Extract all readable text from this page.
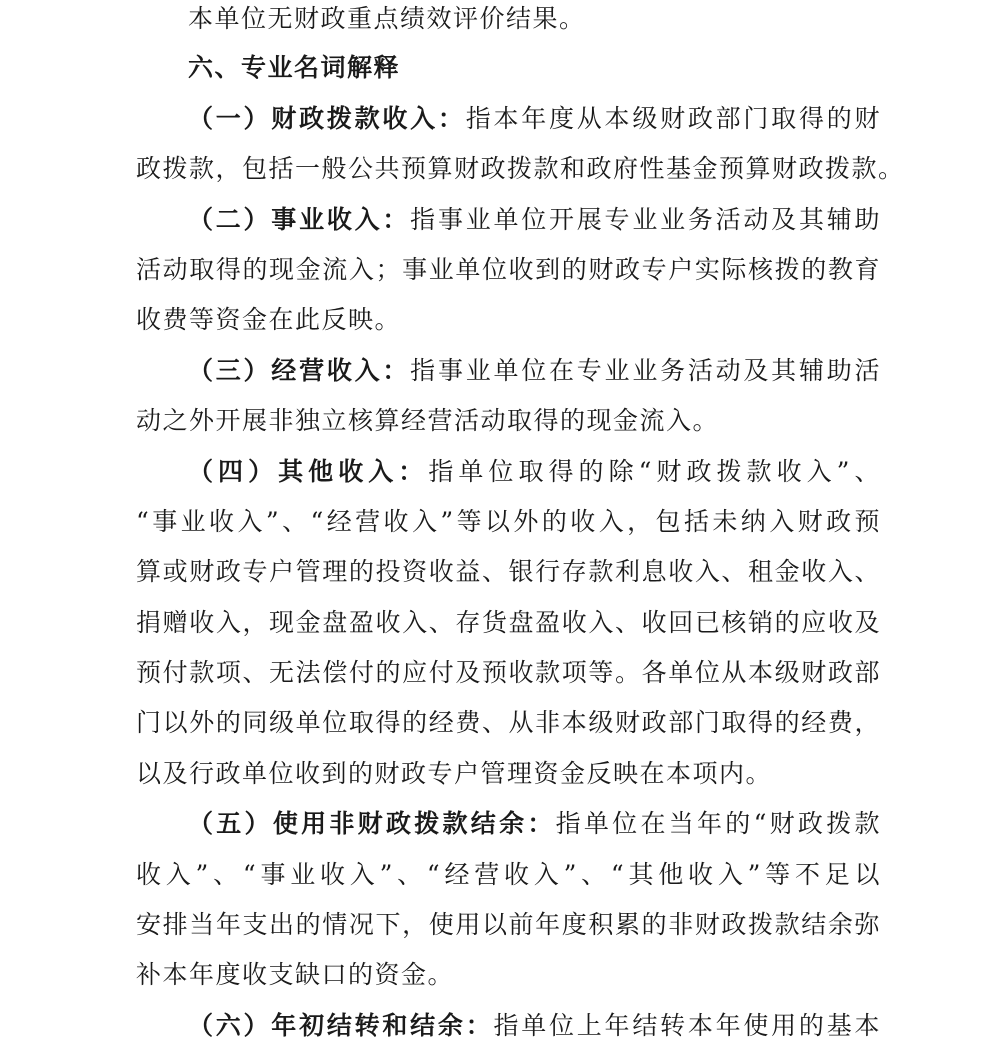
本单位无财政重点绩效评价结果。
六、专业名词解释
（一）财政拨款收入：指本年度从本级财政部门取得的财
政拨款，包括一般公共预算财政拨款和政府性基金预算财政拨款。
（二）事业收入：指事业单位开展专业业务活动及其辅助
活动取得的现金流入；事业单位收到的财政专户实际核拨的教育
收费等资金在此反映。
（三）经营收入：指事业单位在专业业务活动及其辅助活
动之外开展非独立核算经营活动取得的现金流入。
（四）其他收入：指单位取得的除“财政拨款收入”、
“事业收入”、“经营收入”等以外的收入，包括未纳入财政预
算或财政专户管理的投资收益、银行存款利息收入、租金收入、
捐赠收入，现金盘盈收入、存货盘盈收入、收回已核销的应收及
预付款项、无法偿付的应付及预收款项等。各单位从本级财政部
门以外的同级单位取得的经费、从非本级财政部门取得的经费，
以及行政单位收到的财政专户管理资金反映在本项内。
（五）使用非财政拨款结余：指单位在当年的“财政拨款
收入”、“事业收入”、“经营收入”、“其他收入”等不足以
安排当年支出的情况下，使用以前年度积累的非财政拨款结余弥
补本年度收支缺口的资金。
（六）年初结转和结余：指单位上年结转本年使用的基本
